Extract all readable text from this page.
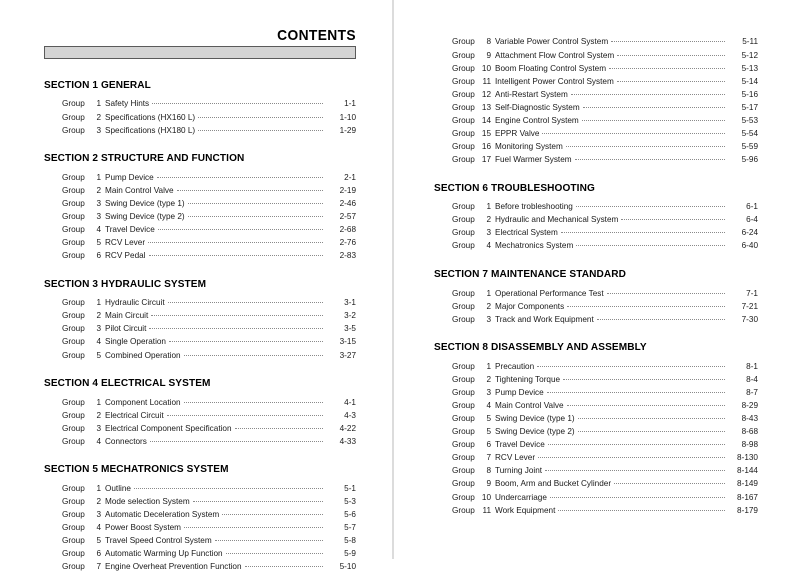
CONTENTS
SECTION 1 GENERAL
Group	1 Safety Hints	1-1
Group	2 Specifications (HX160 L)	1-10
Group	3 Specifications (HX180 L)	1-29
SECTION 2 STRUCTURE AND FUNCTION
Group	1 Pump Device	2-1
Group	2 Main Control Valve	2-19
Group	3 Swing Device (type 1)	2-46
Group	3 Swing Device (type 2)	2-57
Group	4 Travel Device	2-68
Group	5 RCV Lever	2-76
Group	6 RCV Pedal	2-83
SECTION 3 HYDRAULIC SYSTEM
Group	1 Hydraulic Circuit	3-1
Group	2 Main Circuit	3-2
Group	3 Pilot Circuit	3-5
Group	4 Single Operation	3-15
Group	5 Combined Operation	3-27
SECTION 4 ELECTRICAL SYSTEM
Group	1 Component Location	4-1
Group	2 Electrical Circuit	4-3
Group	3 Electrical Component Specification	4-22
Group	4 Connectors	4-33
SECTION 5 MECHATRONICS SYSTEM
Group	1 Outline	5-1
Group	2 Mode selection System	5-3
Group	3 Automatic Deceleration System	5-6
Group	4 Power Boost System	5-7
Group	5 Travel Speed Control System	5-8
Group	6 Automatic Warming Up Function	5-9
Group	7 Engine Overheat Prevention Function	5-10
Group	8 Variable Power Control System	5-11
Group	9 Attachment Flow Control System	5-12
Group 10 Boom Floating Control System	5-13
Group 11 Intelligent Power Control System	5-14
Group 12 Anti-Restart System	5-16
Group 13 Self-Diagnostic System	5-17
Group 14 Engine Control System	5-53
Group 15 EPPR Valve	5-54
Group 16 Monitoring System	5-59
Group 17 Fuel Warmer System	5-96
SECTION 6 TROUBLESHOOTING
Group	1 Before trobleshooting	6-1
Group	2 Hydraulic and Mechanical System	6-4
Group	3 Electrical System	6-24
Group	4 Mechatronics System	6-40
SECTION 7 MAINTENANCE STANDARD
Group	1 Operational Performance Test	7-1
Group	2 Major Components	7-21
Group	3 Track and Work Equipment	7-30
SECTION 8 DISASSEMBLY AND ASSEMBLY
Group	1 Precaution	8-1
Group	2 Tightening Torque	8-4
Group	3 Pump Device	8-7
Group	4 Main Control Valve	8-29
Group	5 Swing Device (type 1)	8-43
Group	5 Swing Device (type 2)	8-68
Group	6 Travel Device	8-98
Group	7 RCV Lever	8-130
Group	8 Turning Joint	8-144
Group	9 Boom, Arm and Bucket Cylinder	8-149
Group 10 Undercarriage	8-167
Group 11 Work Equipment	8-179
